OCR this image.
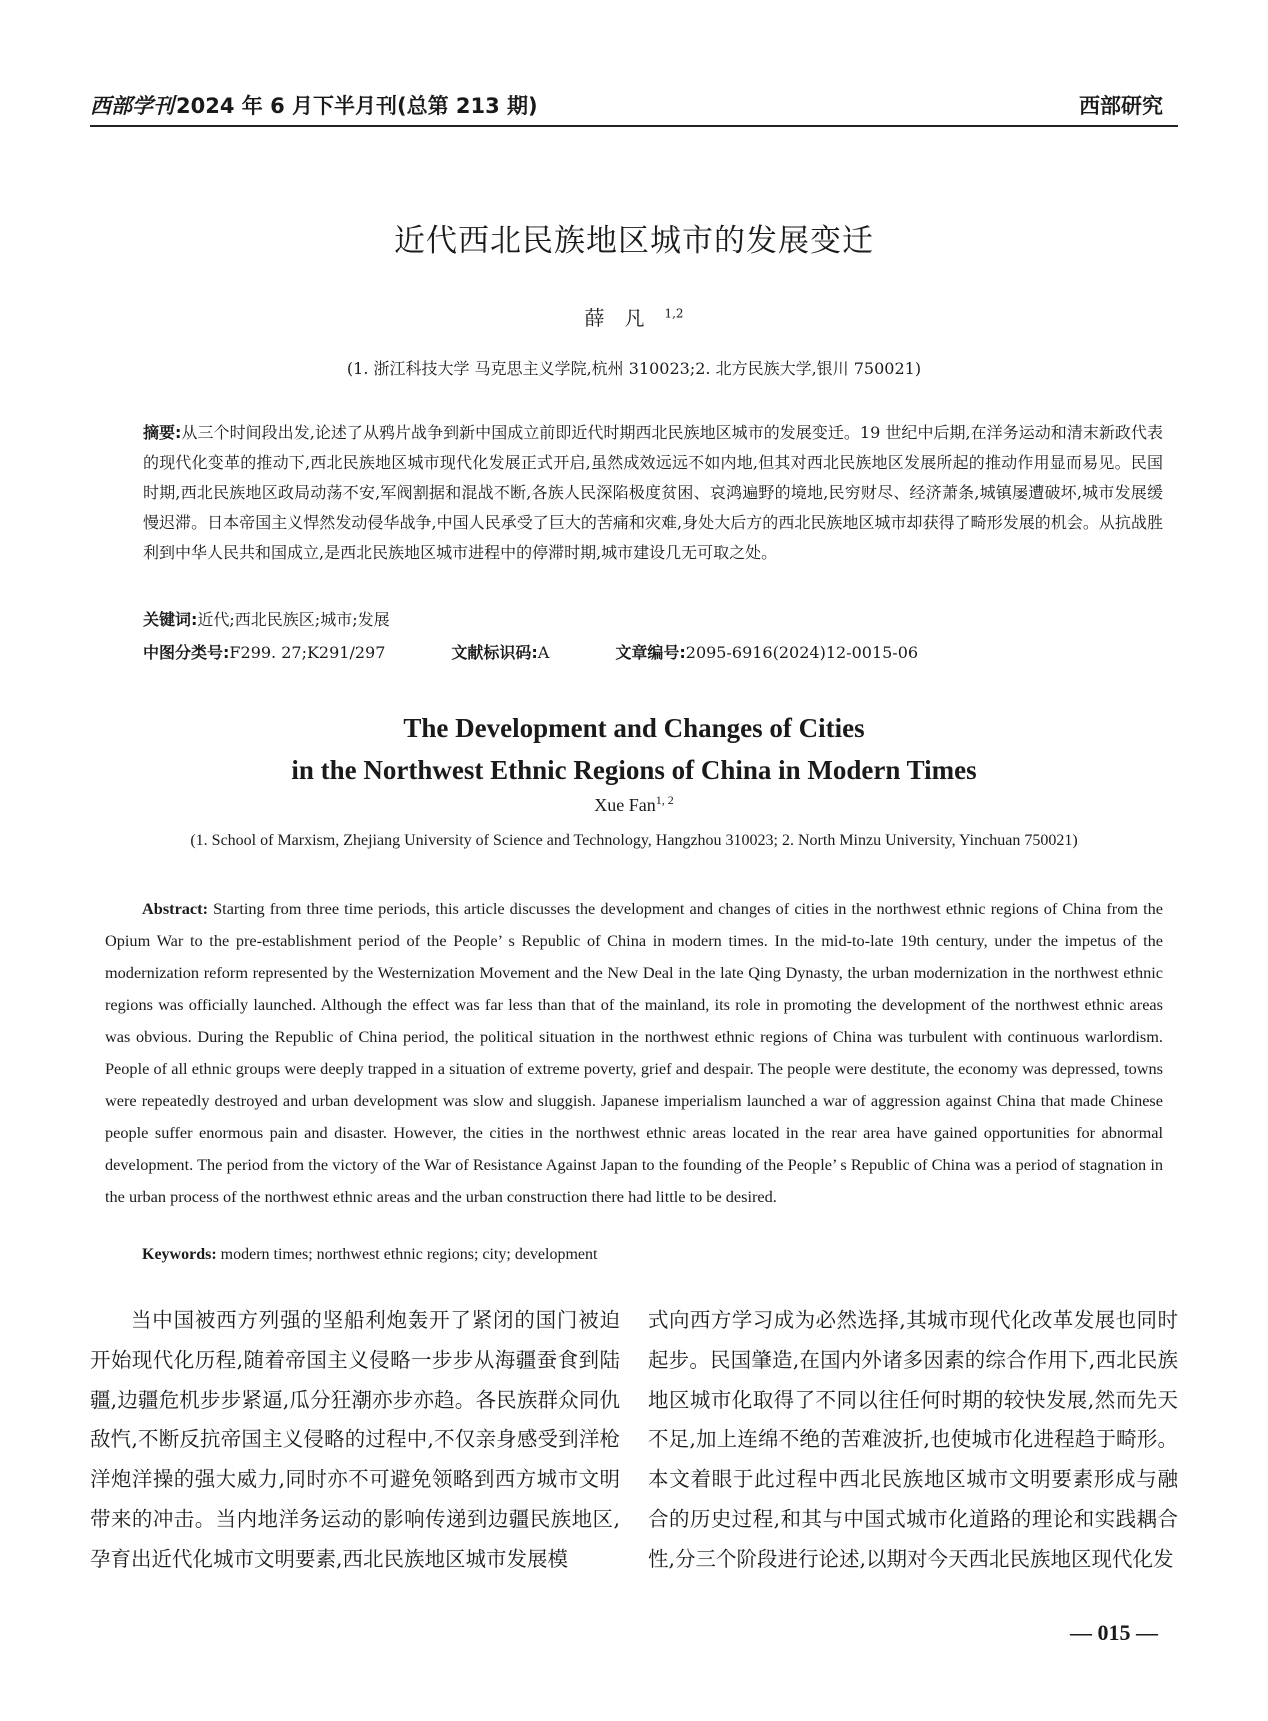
西部学刊2024 年 6 月下半月刊(总第 213 期)	西部研究
近代西北民族地区城市的发展变迁
薛凡$^{1,2}$
(1. 浙江科技大学 马克思主义学院,杭州 310023;2. 北方民族大学,银川 750021)
摘要:从三个时间段出发,论述了从鸦片战争到新中国成立前即近代时期西北民族地区城市的发展变迁。19 世纪中后期,在洋务运动和清末新政代表的现代化变革的推动下,西北民族地区城市现代化发展正式开启,虽然成效远远不如内地,但其对西北民族地区发展所起的推动作用显而易见。民国时期,西北民族地区政局动荡不安,军阀割据和混战不断,各族人民深陷极度贫困、哀鸿遍野的境地,民穷财尽、经济萧条,城镇屡遭破坏,城市发展缓慢迟滞。日本帝国主义悍然发动侵华战争,中国人民承受了巨大的苦痛和灾难,身处大后方的西北民族地区城市却获得了畸形发展的机会。从抗战胜利到中华人民共和国成立,是西北民族地区城市进程中的停滞时期,城市建设几无可取之处。
关键词:近代;西北民族区;城市;发展
中图分类号:F299. 27;K291/297	文献标识码:A	文章编号:2095-6916(2024)12-0015-06
The Development and Changes of Cities
in the Northwest Ethnic Regions of China in Modern Times
Xue Fan$^{1, 2}$
(1. School of Marxism, Zhejiang University of Science and Technology, Hangzhou 310023; 2. North Minzu University, Yinchuan 750021)
Abstract: Starting from three time periods, this article discusses the development and changes of cities in the northwest ethnic regions of China from the Opium War to the pre-establishment period of the People’ s Republic of China in modern times. In the mid-to-late 19th century, under the impetus of the modernization reform represented by the Westernization Movement and the New Deal in the late Qing Dynasty, the urban modernization in the northwest ethnic regions was officially launched. Although the effect was far less than that of the mainland, its role in promoting the development of the northwest ethnic areas was obvious. During the Republic of China period, the political situation in the northwest ethnic regions of China was turbulent with continuous warlordism. People of all ethnic groups were deeply trapped in a situation of extreme poverty, grief and despair. The people were destitute, the economy was depressed, towns were repeatedly destroyed and urban development was slow and sluggish. Japanese imperialism launched a war of aggression against China that made Chinese people suffer enormous pain and disaster. However, the cities in the northwest ethnic areas located in the rear area have gained opportunities for abnormal development. The period from the victory of the War of Resistance Against Japan to the founding of the People’ s Republic of China was a period of stagnation in the urban process of the northwest ethnic areas and the urban construction there had little to be desired.
Keywords: modern times; northwest ethnic regions; city; development
当中国被西方列强的坚船利炮轰开了紧闭的国门被迫开始现代化历程,随着帝国主义侵略一步步从海疆蚕食到陆疆,边疆危机步步紧逼,瓜分狂潮亦步亦趋。各民族群众同仇敌忾,不断反抗帝国主义侵略的过程中,不仅亲身感受到洋枪洋炮洋操的强大威力,同时亦不可避免领略到西方城市文明带来的冲击。当内地洋务运动的影响传递到边疆民族地区,孕育出近代化城市文明要素,西北民族地区城市发展模
式向西方学习成为必然选择,其城市现代化改革发展也同时起步。民国肇造,在国内外诸多因素的综合作用下,西北民族地区城市化取得了不同以往任何时期的较快发展,然而先天不足,加上连绵不绝的苦难波折,也使城市化进程趋于畸形。本文着眼于此过程中西北民族地区城市文明要素形成与融合的历史过程,和其与中国式城市化道路的理论和实践耦合性,分三个阶段进行论述,以期对今天西北民族地区现代化发
— 015 —
